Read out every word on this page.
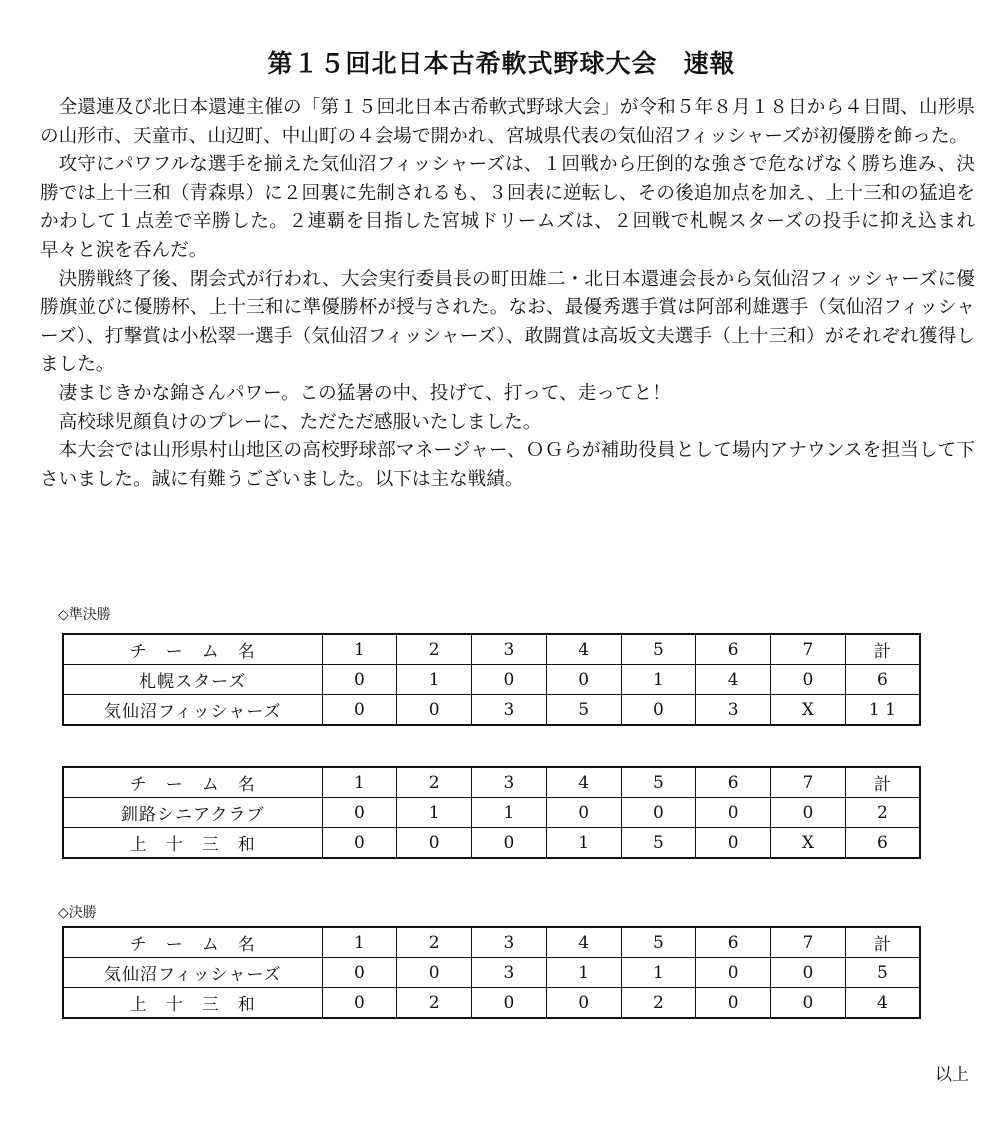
第１５回北日本古希軟式野球大会　速報

全還連及び北日本還連主催の「第１５回北日本古希軟式野球大会」が令和５年８月１８日から４日間、山形県の山形市、天童市、山辺町、中山町の４会場で開かれ、宮城県代表の気仙沼フィッシャーズが初優勝を飾った。

攻守にパワフルな選手を揃えた気仙沼フィッシャーズは、１回戦から圧倒的な強さで危なげなく勝ち進み、決勝では上十三和（青森県）に２回裏に先制されるも、３回表に逆転し、その後追加点を加え、上十三和の猛追をかわして１点差で辛勝した。２連覇を目指した宮城ドリームズは、２回戦で札幌スターズの投手に抑え込まれ早々と涙を呑んだ。

決勝戦終了後、閉会式が行われ、大会実行委員長の町田雄二・北日本還連会長から気仙沼フィッシャーズに優勝旗並びに優勝杯、上十三和に準優勝杯が授与された。なお、最優秀選手賞は阿部利雄選手（気仙沼フィッシャーズ）、打撃賞は小松翠一選手（気仙沼フィッシャーズ）、敢闘賞は高坂文夫選手（上十三和）がそれぞれ獲得しました。

凄まじきかな錦さんパワー。この猛暑の中、投げて、打って、走ってと！

高校球児顔負けのプレーに、ただただ感服いたしました。

本大会では山形県村山地区の高校野球部マネージャー、ＯＧらが補助役員として場内アナウンスを担当して下さいました。誠に有難うございました。以下は主な戦績。

◇準決勝
チ　ー　ム　名	1	2	3	4	5	6	7	計
札幌スターズ	0	1	0	0	1	4	0	6
気仙沼フィッシャーズ	0	0	3	5	0	3	X	1 1
チ　ー　ム　名	1	2	3	4	5	6	7	計
釧路シニアクラブ	0	1	1	0	0	0	0	2
上　十　三　和	0	0	0	1	5	0	X	6
◇決勝
チ　ー　ム　名	1	2	3	4	5	6	7	計
気仙沼フィッシャーズ	0	0	3	1	1	0	0	5
上　十　三　和	0	2	0	0	2	0	0	4
以上
